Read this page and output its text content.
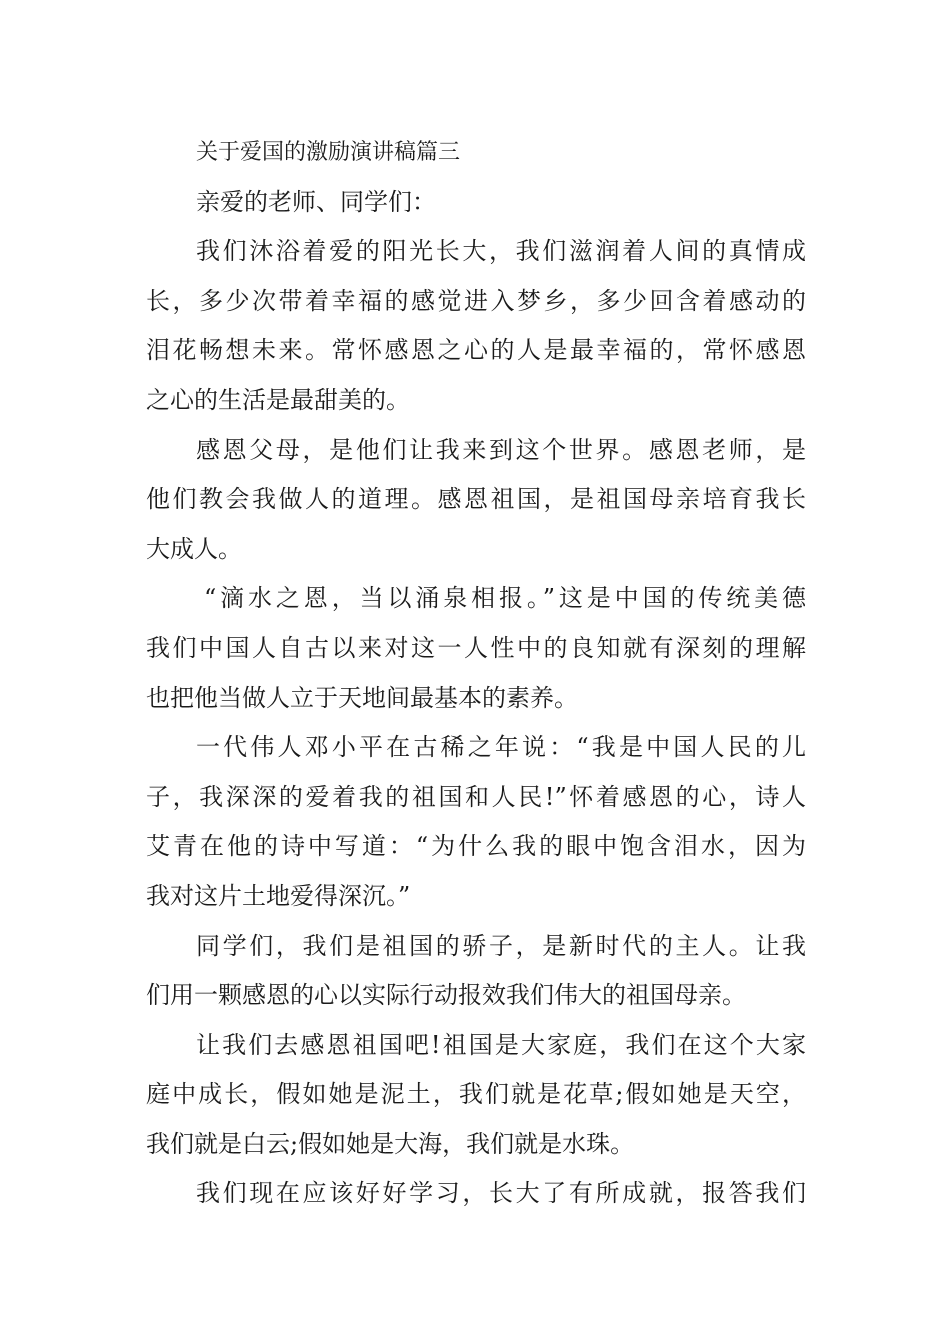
关于爱国的激励演讲稿篇三
亲爱的老师、同学们：
我们沐浴着爱的阳光长大，我们滋润着人间的真情成
长，多少次带着幸福的感觉进入梦乡，多少回含着感动的
泪花畅想未来。常怀感恩之心的人是最幸福的，常怀感恩
之心的生活是最甜美的。
感恩父母，是他们让我来到这个世界。感恩老师，是
他们教会我做人的道理。感恩祖国，是祖国母亲培育我长
大成人。
“滴水之恩，当以涌泉相报。”这是中国的传统美德
我们中国人自古以来对这一人性中的良知就有深刻的理解
也把他当做人立于天地间最基本的素养。
一代伟人邓小平在古稀之年说：“我是中国人民的儿
子，我深深的爱着我的祖国和人民!”怀着感恩的心，诗人
艾青在他的诗中写道：“为什么我的眼中饱含泪水，因为
我对这片土地爱得深沉。”
同学们，我们是祖国的骄子，是新时代的主人。让我
们用一颗感恩的心以实际行动报效我们伟大的祖国母亲。
让我们去感恩祖国吧!祖国是大家庭，我们在这个大家
庭中成长，假如她是泥土，我们就是花草;假如她是天空，
我们就是白云;假如她是大海，我们就是水珠。
我们现在应该好好学习，长大了有所成就，报答我们
